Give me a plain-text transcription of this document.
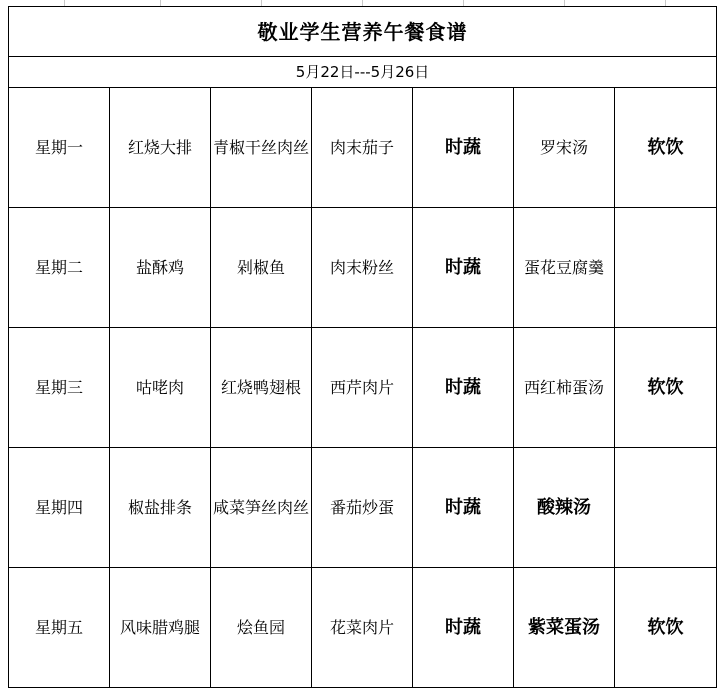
敬业学生营养午餐食谱						
5月22日---5月26日						
星期一	红烧大排	青椒干丝肉丝	肉末茄子	时蔬	罗宋汤	软饮
星期二	盐酥鸡	剁椒鱼	肉末粉丝	时蔬	蛋花豆腐羹	
星期三	咕咾肉	红烧鸭翅根	西芹肉片	时蔬	西红柿蛋汤	软饮
星期四	椒盐排条	咸菜笋丝肉丝	番茄炒蛋	时蔬	酸辣汤	
星期五	风味腊鸡腿	烩鱼园	花菜肉片	时蔬	紫菜蛋汤	软饮
